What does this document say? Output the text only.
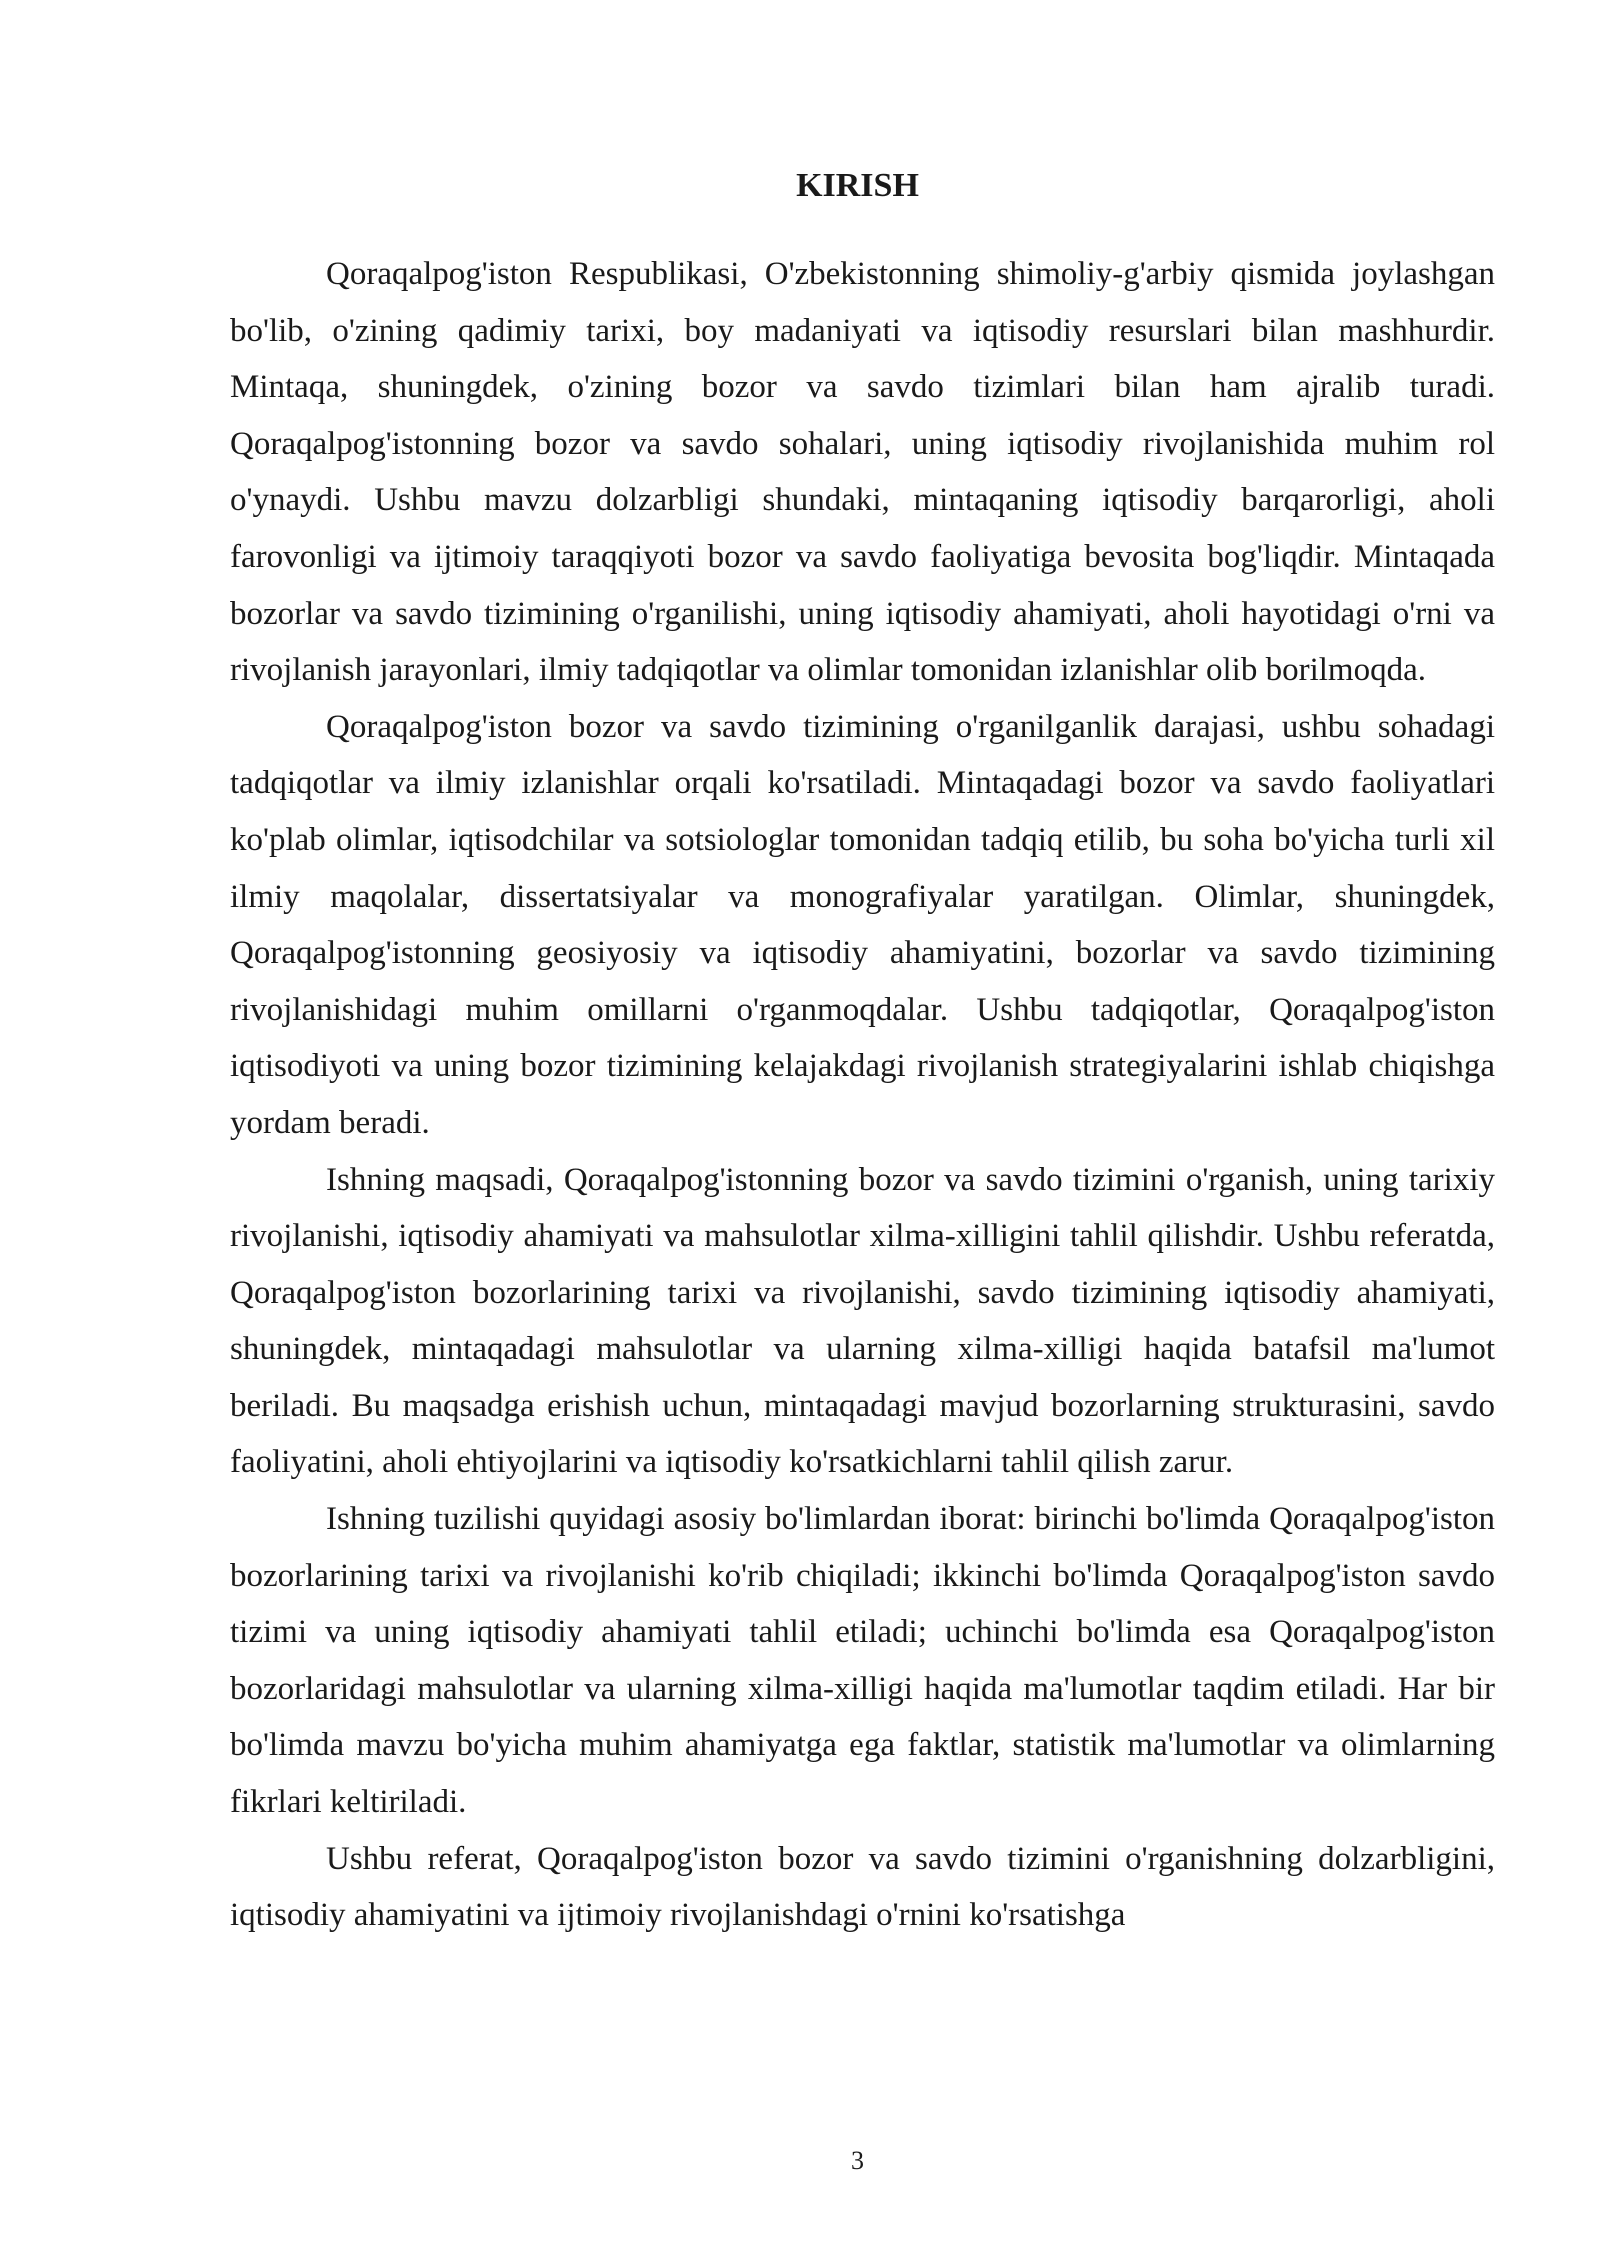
KIRISH

Qoraqalpog'iston Respublikasi, O'zbekistonning shimoliy-g'arbiy qismida joylashgan bo'lib, o'zining qadimiy tarixi, boy madaniyati va iqtisodiy resurslari bilan mashhurdir. Mintaqa, shuningdek, o'zining bozor va savdo tizimlari bilan ham ajralib turadi. Qoraqalpog'istonning bozor va savdo sohalari, uning iqtisodiy rivojlanishida muhim rol o'ynaydi. Ushbu mavzu dolzarbligi shundaki, mintaqaning iqtisodiy barqarorligi, aholi farovonligi va ijtimoiy taraqqiyoti bozor va savdo faoliyatiga bevosita bog'liqdir. Mintaqada bozorlar va savdo tizimining o'rganilishi, uning iqtisodiy ahamiyati, aholi hayotidagi o'rni va rivojlanish jarayonlari, ilmiy tadqiqotlar va olimlar tomonidan izlanishlar olib borilmoqda.

Qoraqalpog'iston bozor va savdo tizimining o'rganilganlik darajasi, ushbu sohadagi tadqiqotlar va ilmiy izlanishlar orqali ko'rsatiladi. Mintaqadagi bozor va savdo faoliyatlari ko'plab olimlar, iqtisodchilar va sotsiologlar tomonidan tadqiq etilib, bu soha bo'yicha turli xil ilmiy maqolalar, dissertatsiyalar va monografiyalar yaratilgan. Olimlar, shuningdek, Qoraqalpog'istonning geosiyosiy va iqtisodiy ahamiyatini, bozorlar va savdo tizimining rivojlanishidagi muhim omillarni o'rganmoqdalar. Ushbu tadqiqotlar, Qoraqalpog'iston iqtisodiyoti va uning bozor tizimining kelajakdagi rivojlanish strategiyalarini ishlab chiqishga yordam beradi.

Ishning maqsadi, Qoraqalpog'istonning bozor va savdo tizimini o'rganish, uning tarixiy rivojlanishi, iqtisodiy ahamiyati va mahsulotlar xilma-xilligini tahlil qilishdir. Ushbu referatda, Qoraqalpog'iston bozorlarining tarixi va rivojlanishi, savdo tizimining iqtisodiy ahamiyati, shuningdek, mintaqadagi mahsulotlar va ularning xilma-xilligi haqida batafsil ma'lumot beriladi. Bu maqsadga erishish uchun, mintaqadagi mavjud bozorlarning strukturasini, savdo faoliyatini, aholi ehtiyojlarini va iqtisodiy ko'rsatkichlarni tahlil qilish zarur.

Ishning tuzilishi quyidagi asosiy bo'limlardan iborat: birinchi bo'limda Qoraqalpog'iston bozorlarining tarixi va rivojlanishi ko'rib chiqiladi; ikkinchi bo'limda Qoraqalpog'iston savdo tizimi va uning iqtisodiy ahamiyati tahlil etiladi; uchinchi bo'limda esa Qoraqalpog'iston bozorlaridagi mahsulotlar va ularning xilma-xilligi haqida ma'lumotlar taqdim etiladi. Har bir bo'limda mavzu bo'yicha muhim ahamiyatga ega faktlar, statistik ma'lumotlar va olimlarning fikrlari keltiriladi.

Ushbu referat, Qoraqalpog'iston bozor va savdo tizimini o'rganishning dolzarbligini, iqtisodiy ahamiyatini va ijtimoiy rivojlanishdagi o'rnini ko'rsatishga

3
